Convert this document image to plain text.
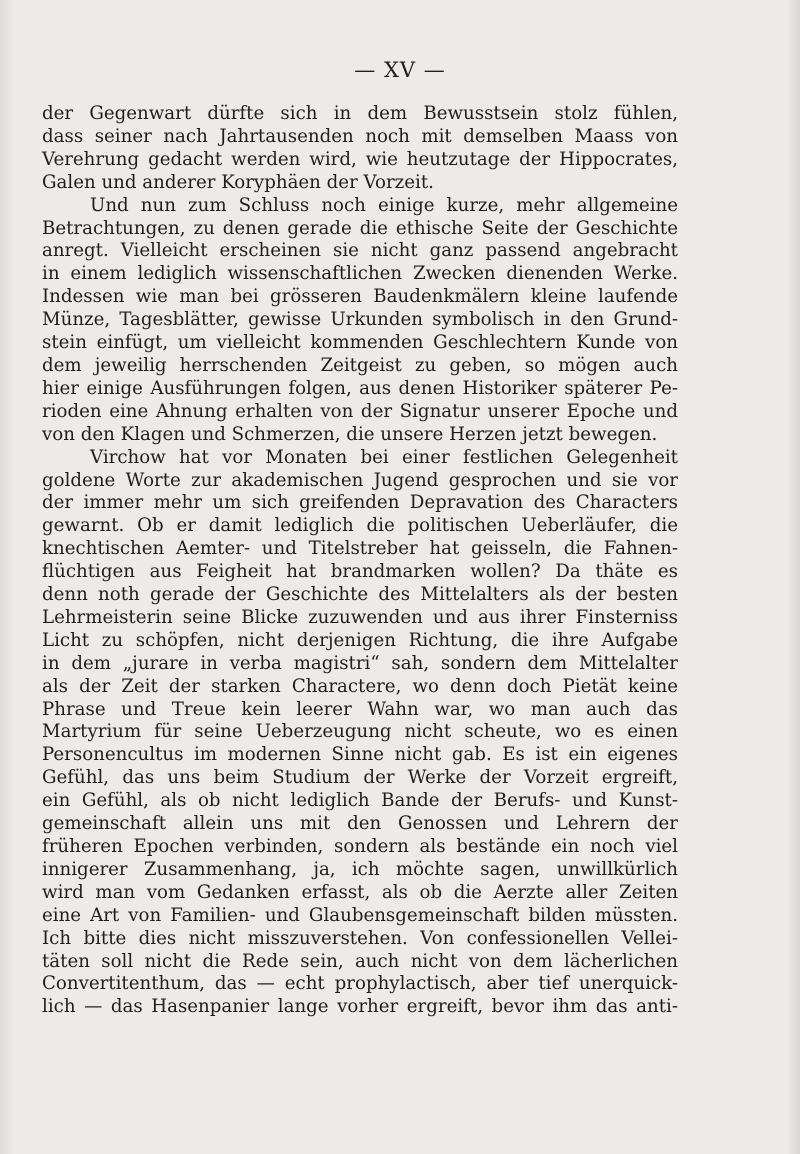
— XV —
der Gegenwart dürfte sich in dem Bewusstsein stolz fühlen,
dass seiner nach Jahrtausenden noch mit demselben Maass von
Verehrung gedacht werden wird, wie heutzutage der Hippocrates,
Galen und anderer Koryphäen der Vorzeit.
Und nun zum Schluss noch einige kurze, mehr allgemeine
Betrachtungen, zu denen gerade die ethische Seite der Geschichte
anregt. Vielleicht erscheinen sie nicht ganz passend angebracht
in einem lediglich wissenschaftlichen Zwecken dienenden Werke.
Indessen wie man bei grösseren Baudenkmälern kleine laufende
Münze, Tagesblätter, gewisse Urkunden symbolisch in den Grund-
stein einfügt, um vielleicht kommenden Geschlechtern Kunde von
dem jeweilig herrschenden Zeitgeist zu geben, so mögen auch
hier einige Ausführungen folgen, aus denen Historiker späterer Pe-
rioden eine Ahnung erhalten von der Signatur unserer Epoche und
von den Klagen und Schmerzen, die unsere Herzen jetzt bewegen.
Virchow hat vor Monaten bei einer festlichen Gelegenheit
goldene Worte zur akademischen Jugend gesprochen und sie vor
der immer mehr um sich greifenden Depravation des Characters
gewarnt. Ob er damit lediglich die politischen Ueberläufer, die
knechtischen Aemter- und Titelstreber hat geisseln, die Fahnen-
flüchtigen aus Feigheit hat brandmarken wollen? Da thäte es
denn noth gerade der Geschichte des Mittelalters als der besten
Lehrmeisterin seine Blicke zuzuwenden und aus ihrer Finsterniss
Licht zu schöpfen, nicht derjenigen Richtung, die ihre Aufgabe
in dem „jurare in verba magistri“ sah, sondern dem Mittelalter
als der Zeit der starken Charactere, wo denn doch Pietät keine
Phrase und Treue kein leerer Wahn war, wo man auch das
Martyrium für seine Ueberzeugung nicht scheute, wo es einen
Personencultus im modernen Sinne nicht gab. Es ist ein eigenes
Gefühl, das uns beim Studium der Werke der Vorzeit ergreift,
ein Gefühl, als ob nicht lediglich Bande der Berufs- und Kunst-
gemeinschaft allein uns mit den Genossen und Lehrern der
früheren Epochen verbinden, sondern als bestände ein noch viel
innigerer Zusammenhang, ja, ich möchte sagen, unwillkürlich
wird man vom Gedanken erfasst, als ob die Aerzte aller Zeiten
eine Art von Familien- und Glaubensgemeinschaft bilden müssten.
Ich bitte dies nicht misszuverstehen. Von confessionellen Vellei-
täten soll nicht die Rede sein, auch nicht von dem lächerlichen
Convertitenthum, das — echt prophylactisch, aber tief unerquick-
lich — das Hasenpanier lange vorher ergreift, bevor ihm das anti-
